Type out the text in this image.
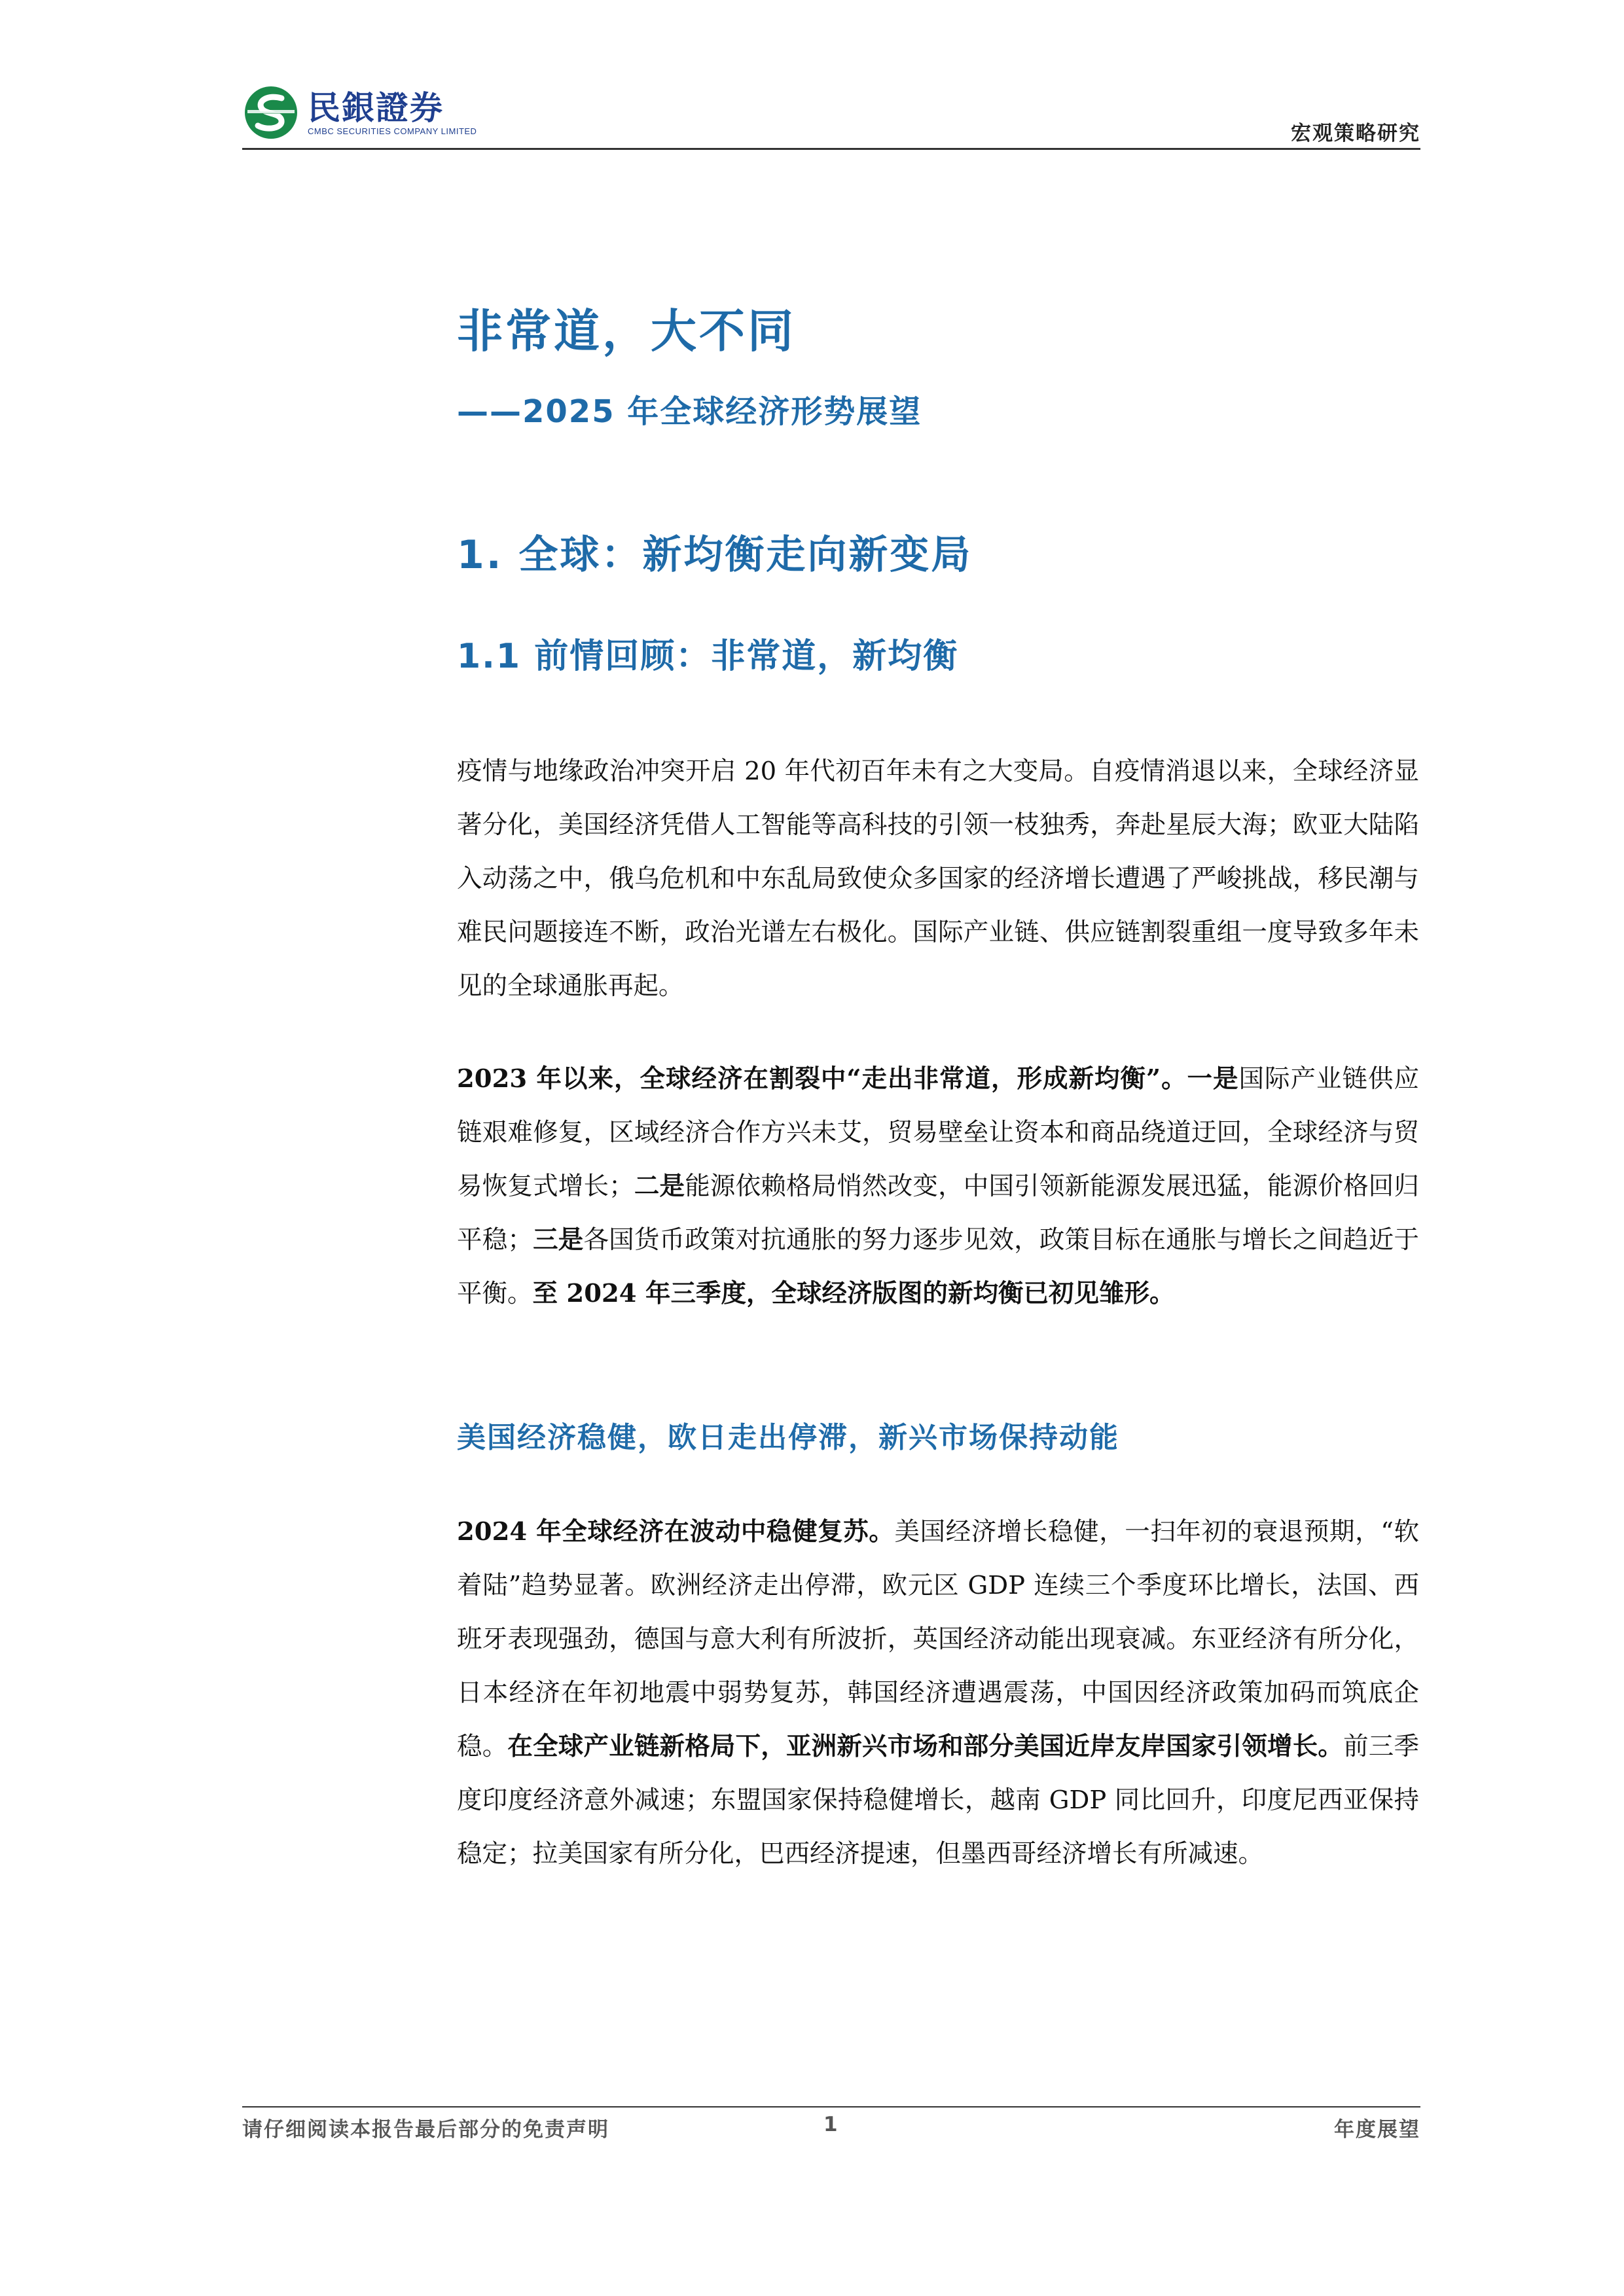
民銀證券
CMBC SECURITIES COMPANY LIMITED	宏观策略研究
非常道，大不同
——2025 年全球经济形势展望
1. 全球：新均衡走向新变局
1.1 前情回顾：非常道，新均衡
疫情与地缘政治冲突开启 20 年代初百年未有之大变局。自疫情消退以来，全球经济显著分化，美国经济凭借人工智能等高科技的引领一枝独秀，奔赴星辰大海；欧亚大陆陷入动荡之中，俄乌危机和中东乱局致使众多国家的经济增长遭遇了严峻挑战，移民潮与难民问题接连不断，政治光谱左右极化。国际产业链、供应链割裂重组一度导致多年未见的全球通胀再起。
2023 年以来，全球经济在割裂中“走出非常道，形成新均衡”。一是国际产业链供应链艰难修复，区域经济合作方兴未艾，贸易壁垒让资本和商品绕道迂回，全球经济与贸易恢复式增长；二是能源依赖格局悄然改变，中国引领新能源发展迅猛，能源价格回归平稳；三是各国货币政策对抗通胀的努力逐步见效，政策目标在通胀与增长之间趋近于平衡。至 2024 年三季度，全球经济版图的新均衡已初见雏形。
美国经济稳健，欧日走出停滞，新兴市场保持动能
2024 年全球经济在波动中稳健复苏。美国经济增长稳健，一扫年初的衰退预期，“软着陆”趋势显著。欧洲经济走出停滞，欧元区 GDP 连续三个季度环比增长，法国、西班牙表现强劲，德国与意大利有所波折，英国经济动能出现衰减。东亚经济有所分化，日本经济在年初地震中弱势复苏，韩国经济遭遇震荡，中国因经济政策加码而筑底企稳。在全球产业链新格局下，亚洲新兴市场和部分美国近岸友岸国家引领增长。前三季度印度经济意外减速；东盟国家保持稳健增长，越南 GDP 同比回升，印度尼西亚保持稳定；拉美国家有所分化，巴西经济提速，但墨西哥经济增长有所减速。
请仔细阅读本报告最后部分的免责声明	1	年度展望
